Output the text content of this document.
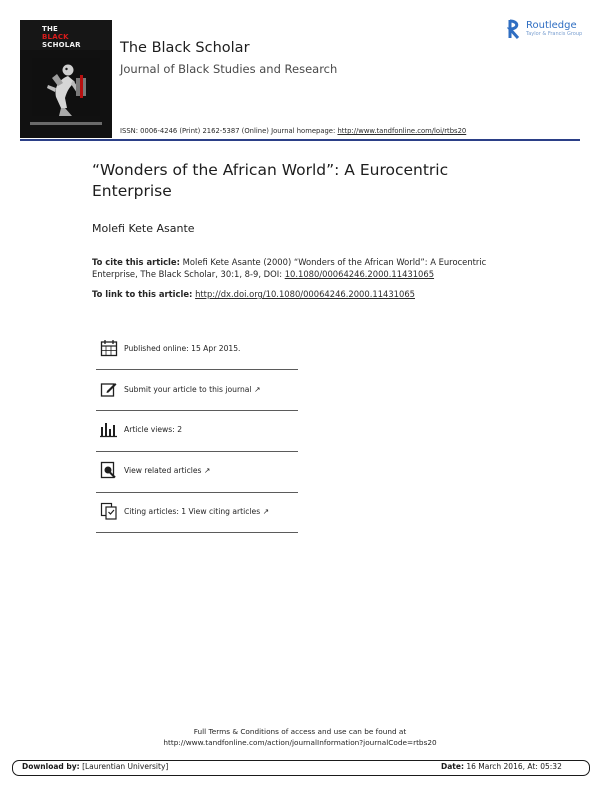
THE
BLACK
SCHOLAR	The Black Scholar
Journal of Black Studies and Research
ISSN: 0006-4246 (Print) 2162-5387 (Online) Journal homepage: http://www.tandfonline.com/loi/rtbs20
Routledge
Taylor & Francis Group
“Wonders of the African World”: A Eurocentric Enterprise
Molefi Kete Asante
To cite this article: Molefi Kete Asante (2000) “Wonders of the African World”: A Eurocentric Enterprise, The Black Scholar, 30:1, 8-9, DOI: 10.1080/00064246.2000.11431065
To link to this article: http://dx.doi.org/10.1080/00064246.2000.11431065
Published online: 15 Apr 2015.
Submit your article to this journal ↗
Article views: 2
View related articles ↗
Citing articles: 1 View citing articles ↗
Full Terms & Conditions of access and use can be found at
http://www.tandfonline.com/action/journalInformation?journalCode=rtbs20
Download by: [Laurentian University]	Date: 16 March 2016, At: 05:32
